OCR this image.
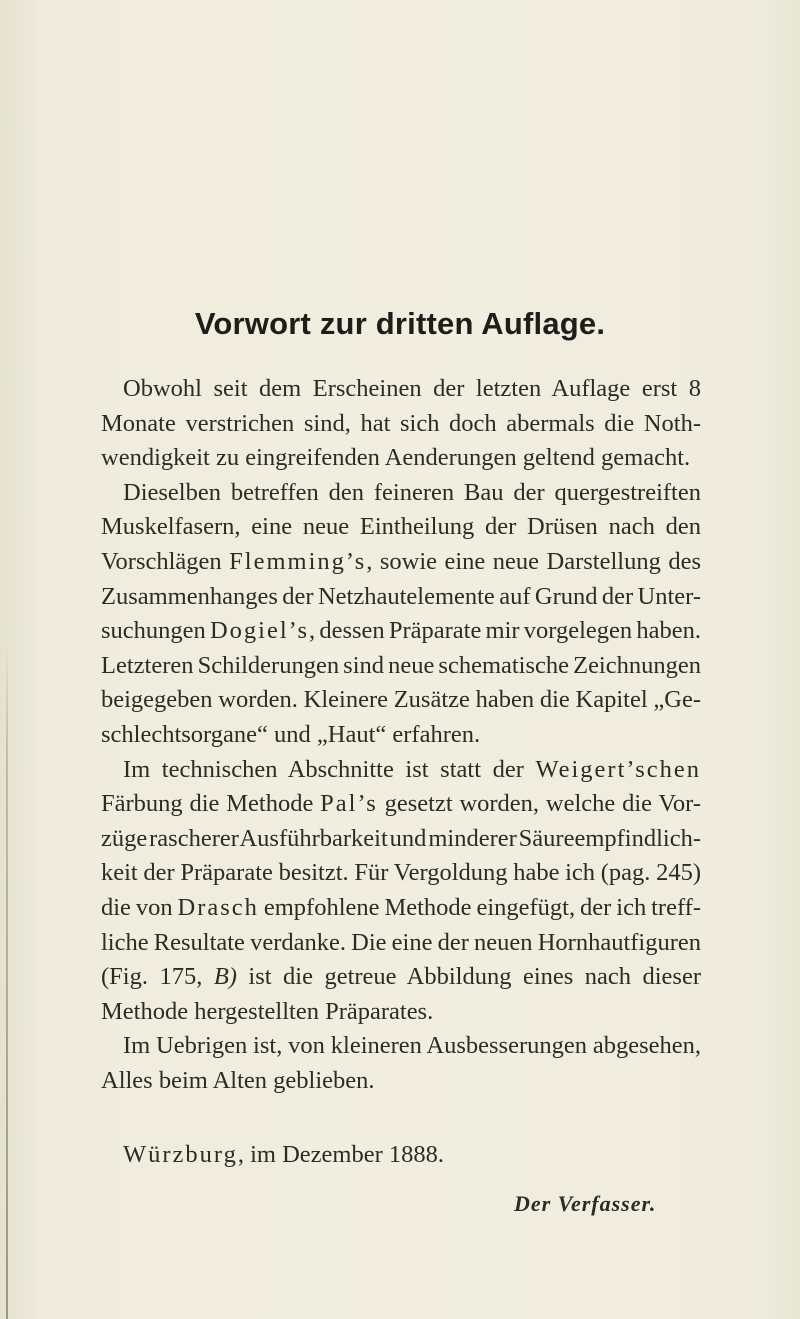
Vorwort zur dritten Auflage.
Obwohl seit dem Erscheinen der letzten Auflage erst 8
Monate verstrichen sind, hat sich doch abermals die Noth-
wendigkeit zu eingreifenden Aenderungen geltend gemacht.
Dieselben betreffen den feineren Bau der quergestreiften
Muskelfasern, eine neue Eintheilung der Drüsen nach den
Vorschlägen Flemming’s, sowie eine neue Darstellung des
Zusammenhanges der Netzhautelemente auf Grund der Unter-
suchungen Dogiel’s, dessen Präparate mir vorgelegen haben.
Letzteren Schilderungen sind neue schematische Zeichnungen
beigegeben worden. Kleinere Zusätze haben die Kapitel „Ge-
schlechtsorgane“ und „Haut“ erfahren.
Im technischen Abschnitte ist statt der Weigert’schen
Färbung die Methode Pal’s gesetzt worden, welche die Vor-
züge rascherer Ausführbarkeit und minderer Säureempfindlich-
keit der Präparate besitzt. Für Vergoldung habe ich (pag. 245)
die von Drasch empfohlene Methode eingefügt, der ich treff-
liche Resultate verdanke. Die eine der neuen Hornhautfiguren
(Fig. 175, B) ist die getreue Abbildung eines nach dieser
Methode hergestellten Präparates.
Im Uebrigen ist, von kleineren Ausbesserungen abgesehen,
Alles beim Alten geblieben.
Würzburg, im Dezember 1888.
Der Verfasser.
